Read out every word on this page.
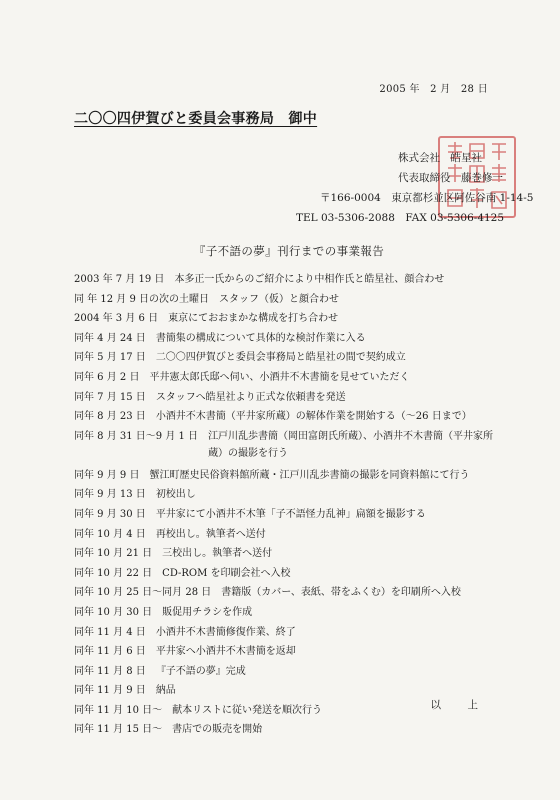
2005 年　2 月　28 日
二〇〇四伊賀びと委員会事務局　御中
株式会社　皓星社
代表取締役　藤巻修一
〒166-0004　東京都杉並区阿佐谷南 1-14-5
TEL 03-5306-2088　FAX 03-5306-4125
『子不語の夢』刊行までの事業報告
2003 年 7 月 19 日	本多正一氏からのご紹介により中相作氏と皓星社、顔合わせ
同 年 12 月 9 日の次の土曜日	スタッフ（仮）と顔合わせ
2004 年 3 月 6 日	東京にておおまかな構成を打ち合わせ
同年 4 月 24 日	書簡集の構成について具体的な検討作業に入る
同年 5 月 17 日	二〇〇四伊賀びと委員会事務局と皓星社の間で契約成立
同年 6 月 2 日	平井憲太郎氏邸へ伺い、小酒井不木書簡を見せていただく
同年 7 月 15 日	スタッフへ皓星社より正式な依頼書を発送
同年 8 月 23 日	小酒井不木書簡（平井家所蔵）の解体作業を開始する（～26 日まで）
同年 8 月 31 日～9 月 1 日	江戸川乱歩書簡（岡田富朗氏所蔵）、小酒井不木書簡（平井家所蔵）の撮影を行う
同年 9 月 9 日	蟹江町歴史民俗資料館所蔵・江戸川乱歩書簡の撮影を同資料館にて行う
同年 9 月 13 日	初校出し
同年 9 月 30 日	平井家にて小酒井不木筆「子不語怪力乱神」扁額を撮影する
同年 10 月 4 日	再校出し。執筆者へ送付
同年 10 月 21 日	三校出し。執筆者へ送付
同年 10 月 22 日	CD-ROM を印刷会社へ入校
同年 10 月 25 日～同月 28 日	書籍版（カバー、表紙、帯をふくむ）を印刷所へ入校
同年 10 月 30 日	販促用チラシを作成
同年 11 月 4 日	小酒井不木書簡修復作業、終了
同年 11 月 6 日	平井家へ小酒井不木書簡を返却
同年 11 月 8 日	『子不語の夢』完成
同年 11 月 9 日	納品
同年 11 月 10 日～	献本リストに従い発送を順次行う
同年 11 月 15 日～	書店での販売を開始
以　上
